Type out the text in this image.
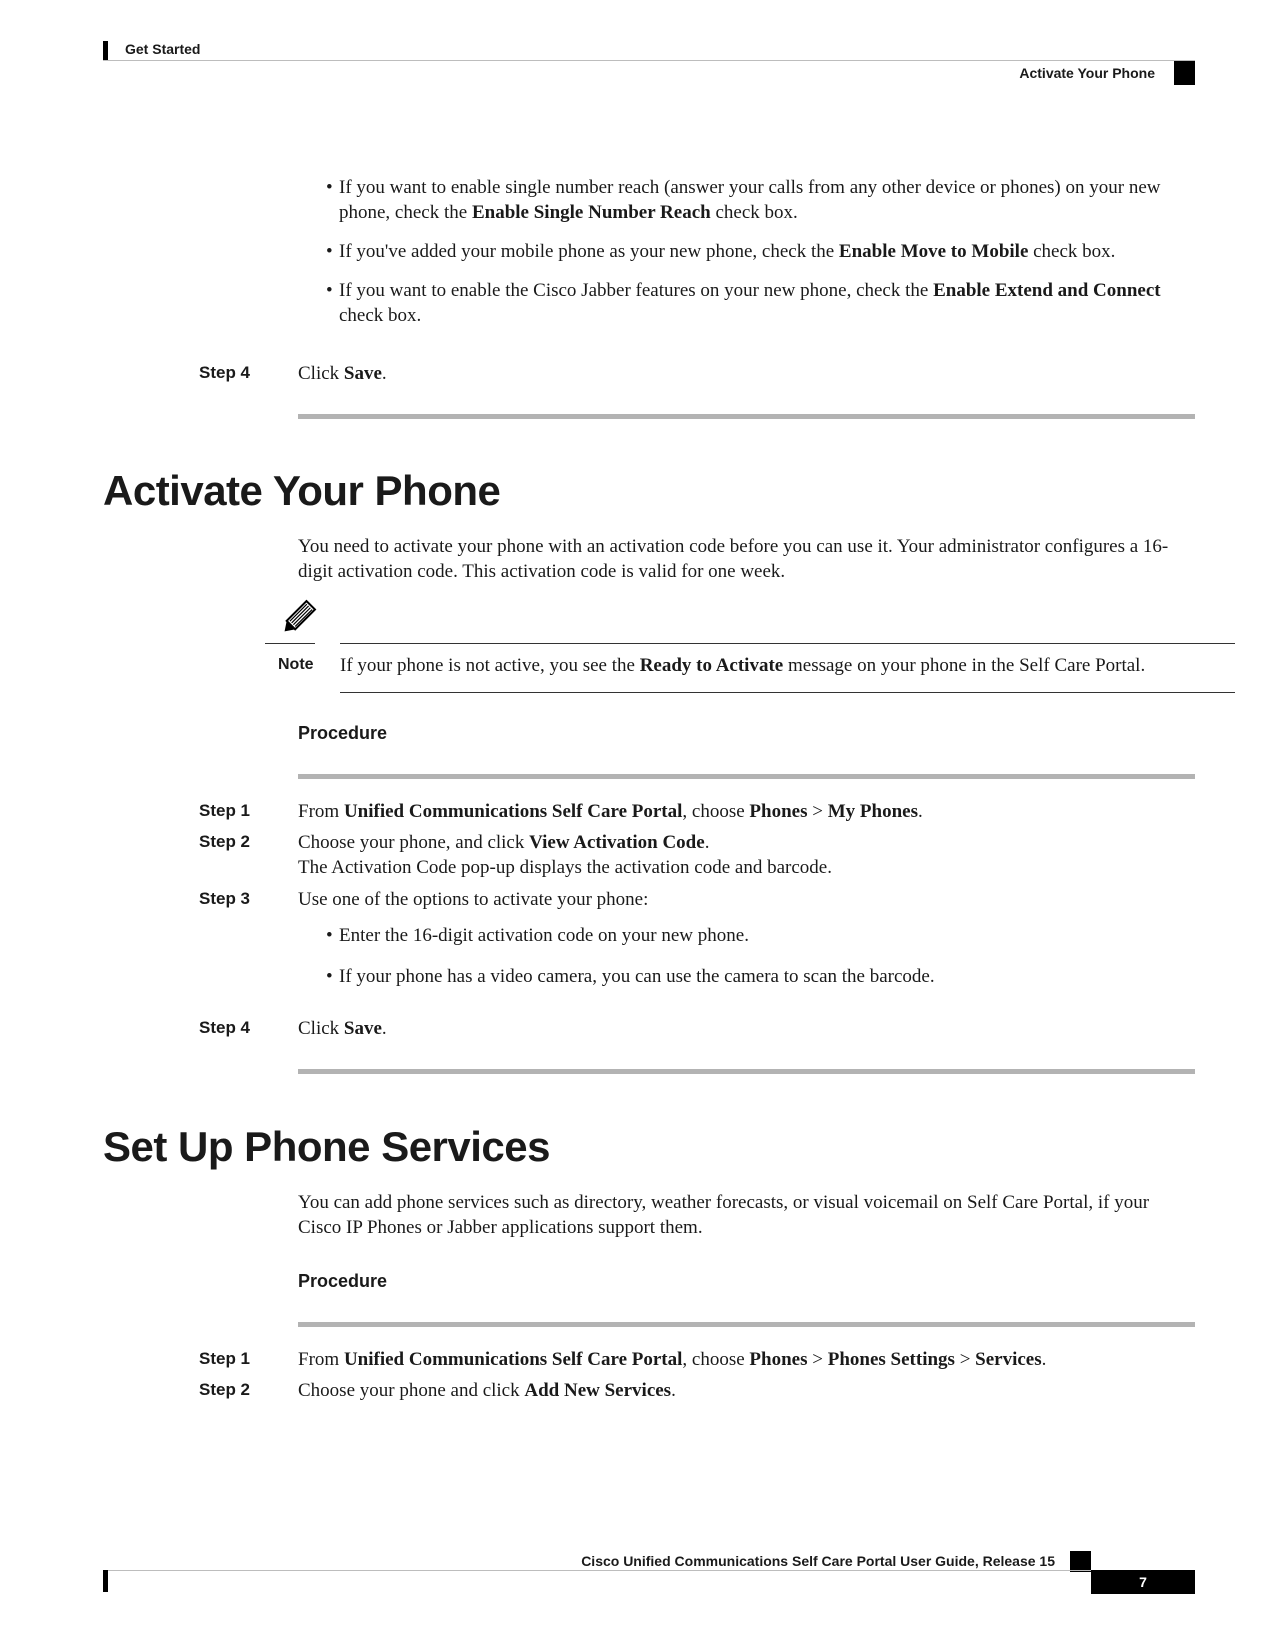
Get Started
Activate Your Phone
• If you want to enable single number reach (answer your calls from any other device or phones) on your new phone, check the Enable Single Number Reach check box.
• If you've added your mobile phone as your new phone, check the Enable Move to Mobile check box.
• If you want to enable the Cisco Jabber features on your new phone, check the Enable Extend and Connect check box.
Step 4	Click Save.
Activate Your Phone
You need to activate your phone with an activation code before you can use it. Your administrator configures a 16-digit activation code. This activation code is valid for one week.
Note If your phone is not active, you see the Ready to Activate message on your phone in the Self Care Portal.
Procedure
Step 1	From Unified Communications Self Care Portal, choose Phones > My Phones.
Step 2	Choose your phone, and click View Activation Code.
The Activation Code pop-up displays the activation code and barcode.
Step 3	Use one of the options to activate your phone:
• Enter the 16-digit activation code on your new phone.
• If your phone has a video camera, you can use the camera to scan the barcode.
Step 4	Click Save.
Set Up Phone Services
You can add phone services such as directory, weather forecasts, or visual voicemail on Self Care Portal, if your Cisco IP Phones or Jabber applications support them.
Procedure
Step 1	From Unified Communications Self Care Portal, choose Phones > Phones Settings > Services.
Step 2	Choose your phone and click Add New Services.
Cisco Unified Communications Self Care Portal User Guide, Release 15
7
